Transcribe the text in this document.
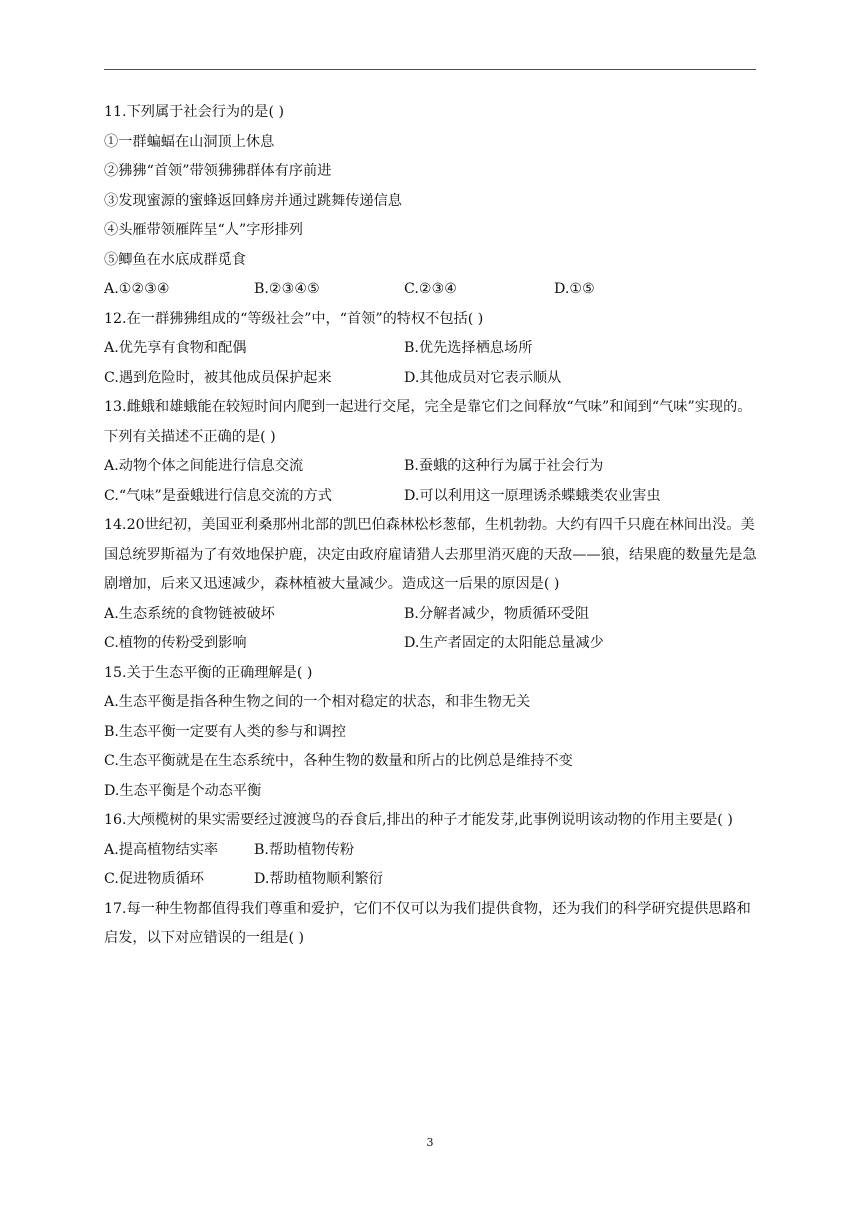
11.下列属于社会行为的是( )
①一群蝙蝠在山洞顶上休息
②狒狒“首领”带领狒狒群体有序前进
③发现蜜源的蜜蜂返回蜂房并通过跳舞传递信息
④头雁带领雁阵呈“人”字形排列
⑤鲫鱼在水底成群觅食
A.①②③④	B.②③④⑤	C.②③④	D.①⑤
12.在一群狒狒组成的“等级社会”中，“首领”的特权不包括( )
A.优先享有食物和配偶	B.优先选择栖息场所
C.遇到危险时，被其他成员保护起来	D.其他成员对它表示顺从
13.雌蛾和雄蛾能在较短时间内爬到一起进行交尾，完全是靠它们之间释放“气味”和闻到“气味”实现的。下列有关描述不正确的是( )
A.动物个体之间能进行信息交流	B.蚕蛾的这种行为属于社会行为
C.“气味”是蚕蛾进行信息交流的方式	D.可以利用这一原理诱杀蝶蛾类农业害虫
14.20世纪初，美国亚利桑那州北部的凯巴伯森林松杉葱郁，生机勃勃。大约有四千只鹿在林间出没。美国总统罗斯福为了有效地保护鹿，决定由政府雇请猎人去那里消灭鹿的天敌——狼，结果鹿的数量先是急剧增加，后来又迅速减少，森林植被大量减少。造成这一后果的原因是( )
A.生态系统的食物链被破坏	B.分解者减少，物质循环受阻
C.植物的传粉受到影响	D.生产者固定的太阳能总量减少
15.关于生态平衡的正确理解是( )
A.生态平衡是指各种生物之间的一个相对稳定的状态，和非生物无关
B.生态平衡一定要有人类的参与和调控
C.生态平衡就是在生态系统中，各种生物的数量和所占的比例总是维持不变
D.生态平衡是个动态平衡
16.大颅榄树的果实需要经过渡渡鸟的吞食后,排出的种子才能发芽,此事例说明该动物的作用主要是( )
A.提高植物结实率	B.帮助植物传粉
C.促进物质循环	D.帮助植物顺利繁衍
17.每一种生物都值得我们尊重和爱护，它们不仅可以为我们提供食物，还为我们的科学研究提供思路和启发，以下对应错误的一组是( )
3
